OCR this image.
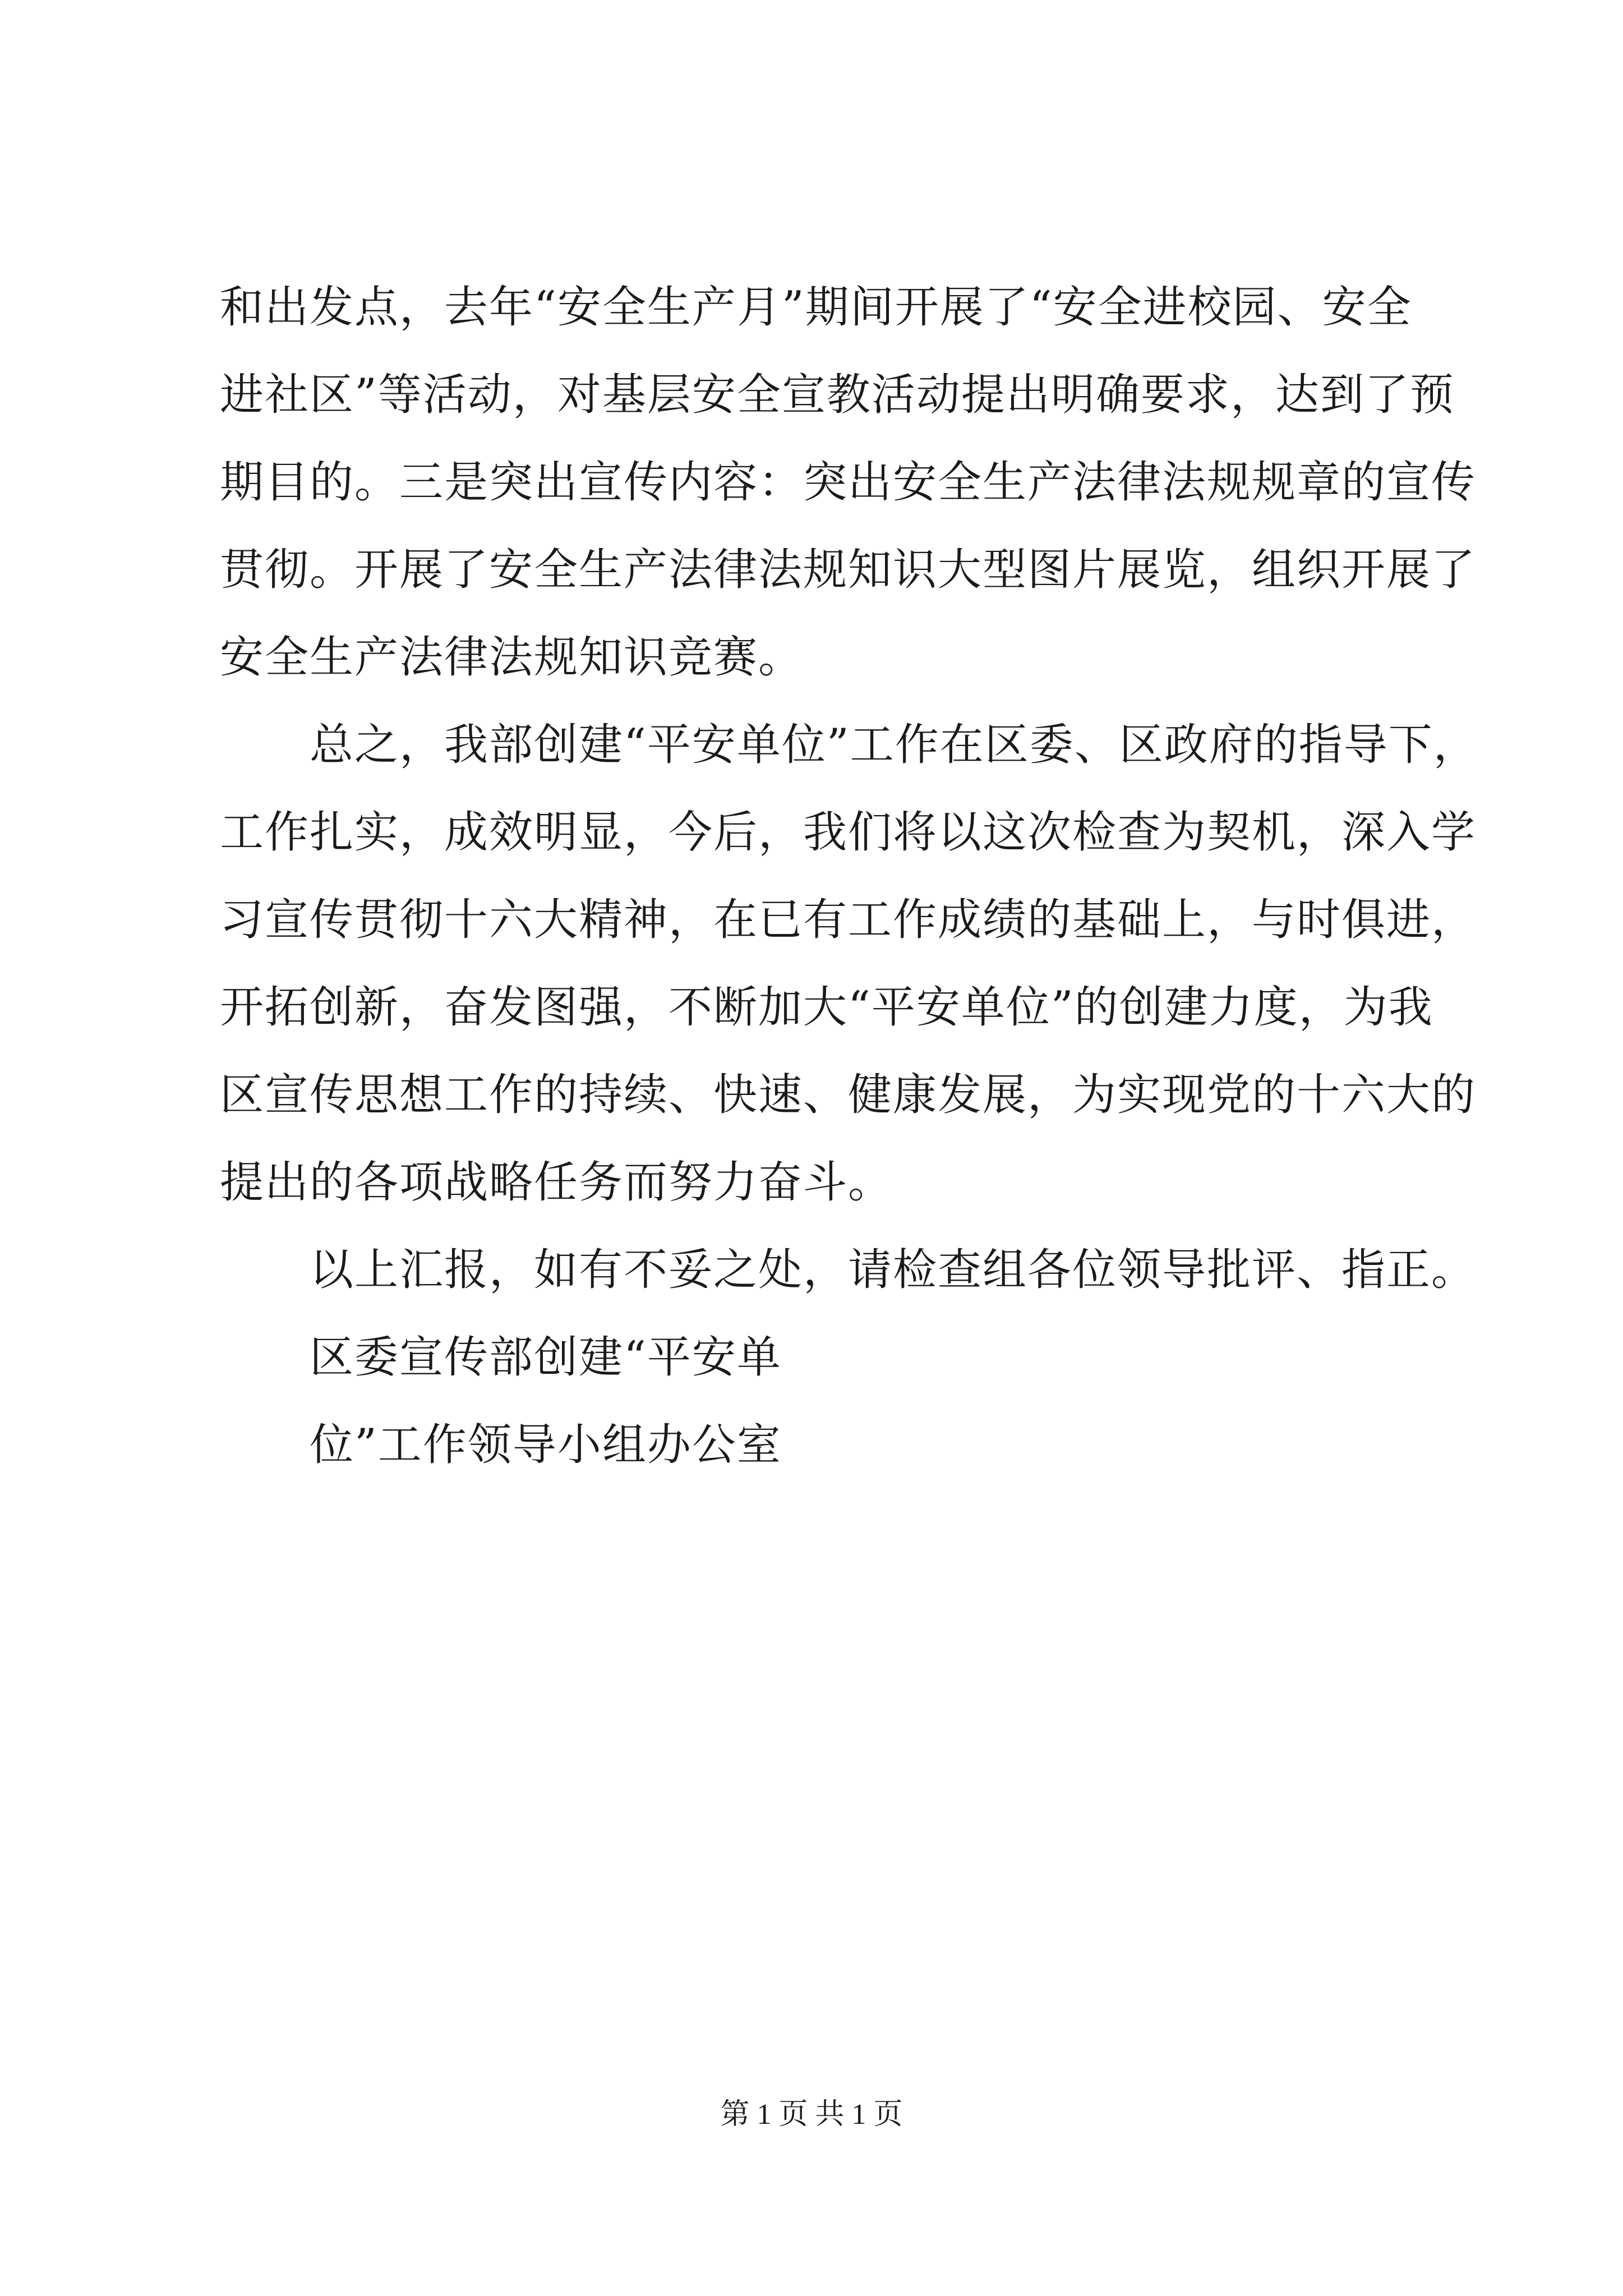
和出发点，去年“安全生产月”期间开展了“安全进校园、安全
进社区”等活动，对基层安全宣教活动提出明确要求，达到了预
期目的。三是突出宣传内容：突出安全生产法律法规规章的宣传
贯彻。开展了安全生产法律法规知识大型图片展览，组织开展了
安全生产法律法规知识竞赛。
总之，我部创建“平安单位”工作在区委、区政府的指导下，
工作扎实，成效明显，今后，我们将以这次检查为契机，深入学
习宣传贯彻十六大精神，在已有工作成绩的基础上，与时俱进，
开拓创新，奋发图强，不断加大“平安单位”的创建力度，为我
区宣传思想工作的持续、快速、健康发展，为实现党的十六大的
提出的各项战略任务而努力奋斗。
以上汇报，如有不妥之处，请检查组各位领导批评、指正。
区委宣传部创建“平安单
位”工作领导小组办公室
第 1 页 共 1 页
